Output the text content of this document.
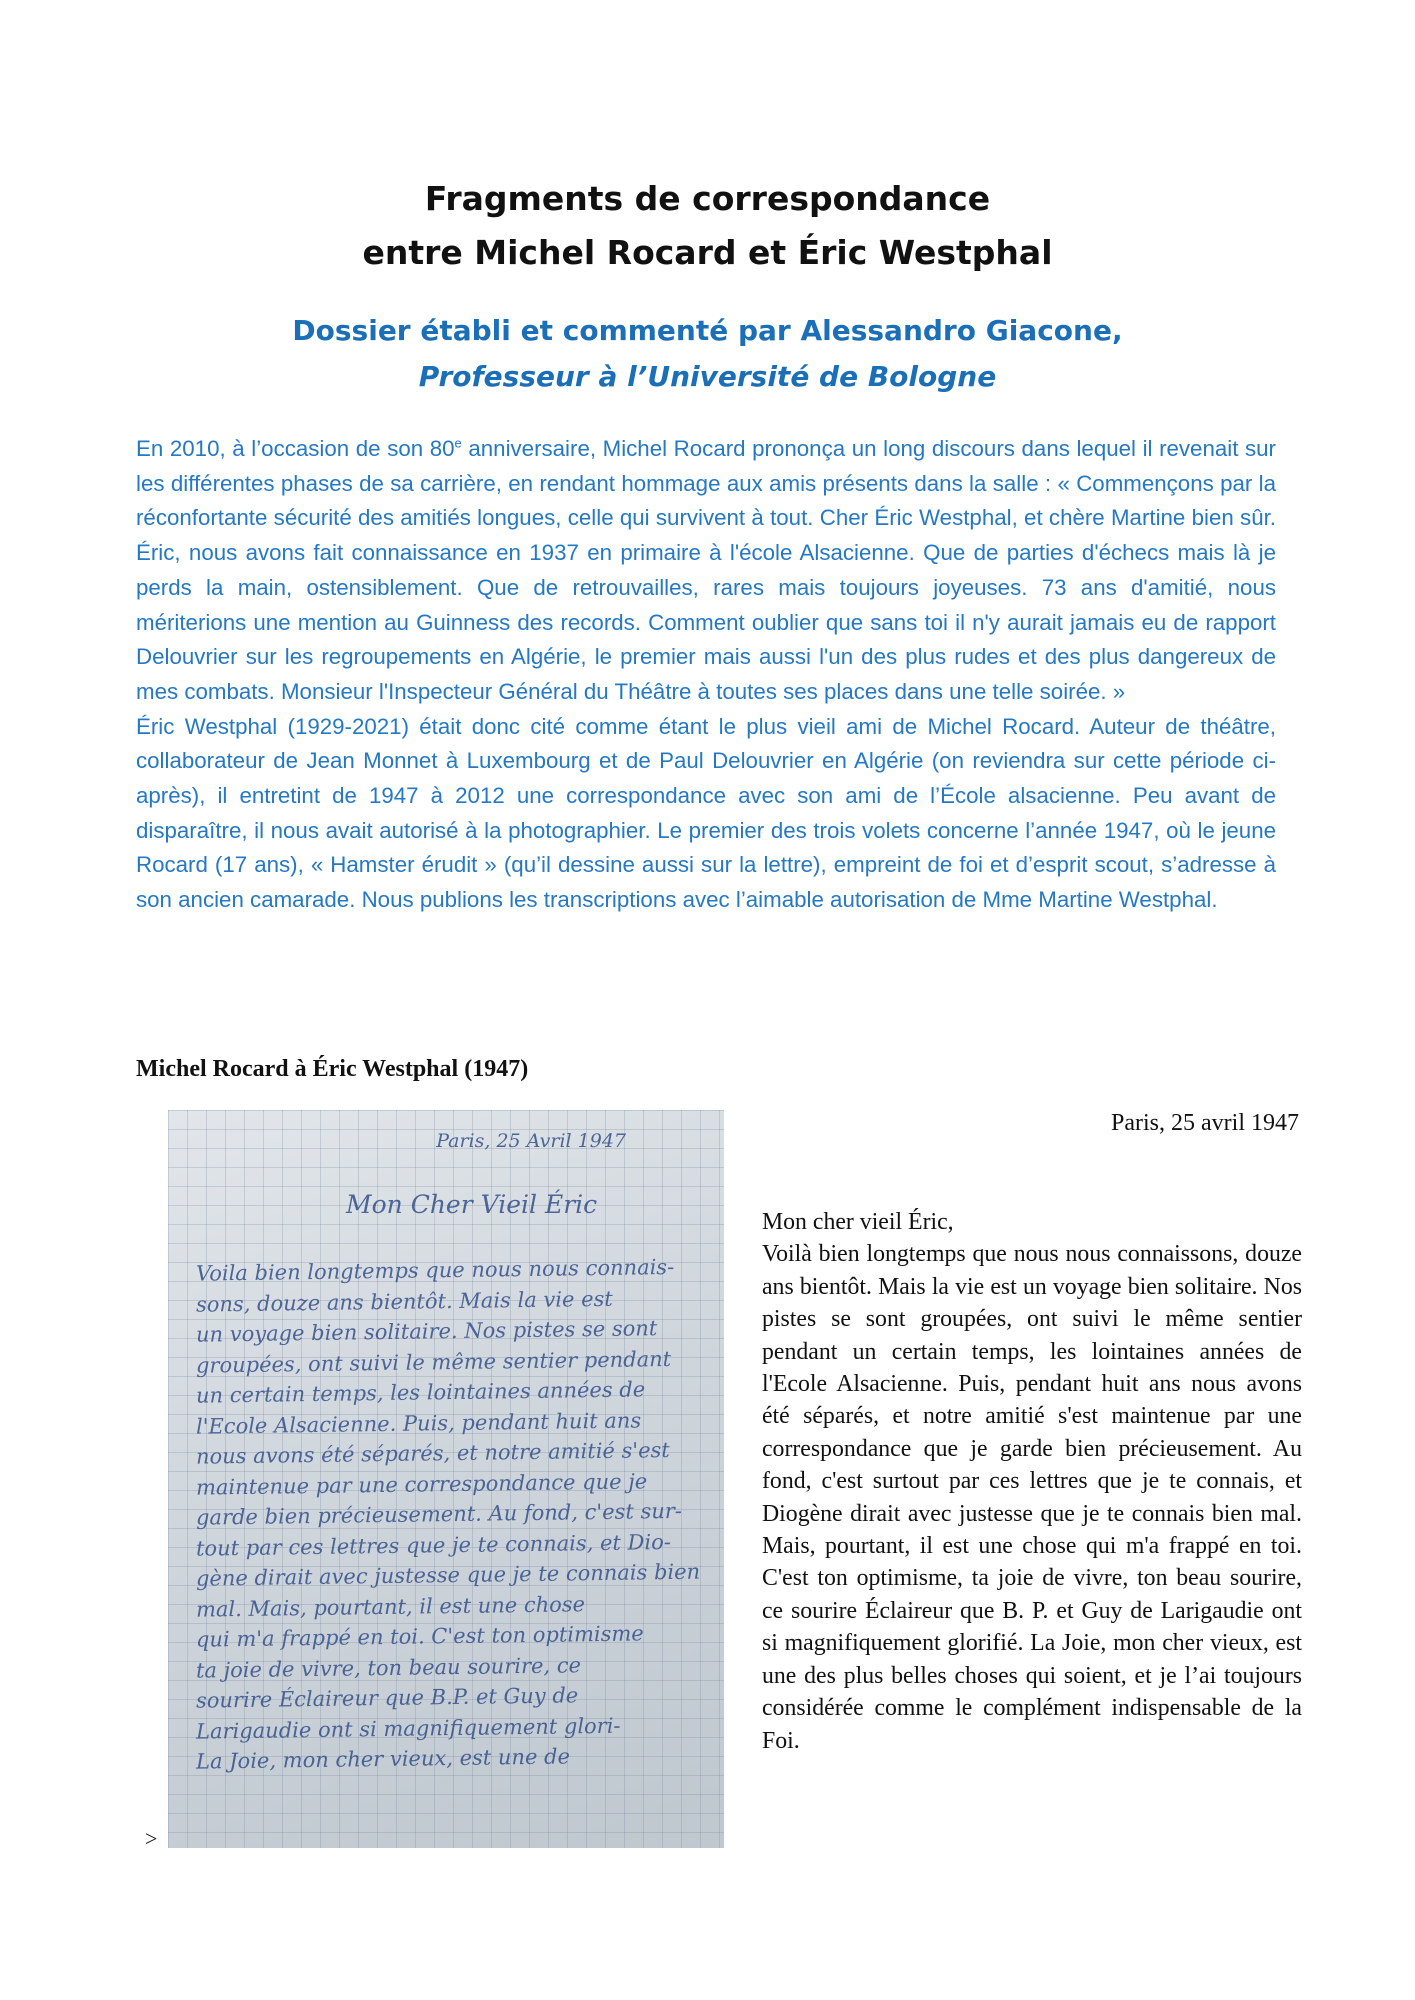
Fragments de correspondance
entre Michel Rocard et Éric Westphal
Dossier établi et commenté par Alessandro Giacone,
Professeur à l’Université de Bologne

En 2010, à l’occasion de son 80e anniversaire, Michel Rocard prononça un long discours dans lequel il revenait sur les différentes phases de sa carrière, en rendant hommage aux amis présents dans la salle : « Commençons par la réconfortante sécurité des amitiés longues, celle qui survivent à tout. Cher Éric Westphal, et chère Martine bien sûr. Éric, nous avons fait connaissance en 1937 en primaire à l'école Alsacienne. Que de parties d'échecs mais là je perds la main, ostensiblement. Que de retrouvailles, rares mais toujours joyeuses. 73 ans d'amitié, nous mériterions une mention au Guinness des records. Comment oublier que sans toi il n'y aurait jamais eu de rapport Delouvrier sur les regroupements en Algérie, le premier mais aussi l'un des plus rudes et des plus dangereux de mes combats. Monsieur l'Inspecteur Général du Théâtre à toutes ses places dans une telle soirée. »

Éric Westphal (1929-2021) était donc cité comme étant le plus vieil ami de Michel Rocard. Auteur de théâtre, collaborateur de Jean Monnet à Luxembourg et de Paul Delouvrier en Algérie (on reviendra sur cette période ci-après), il entretint de 1947 à 2012 une correspondance avec son ami de l’École alsacienne. Peu avant de disparaître, il nous avait autorisé à la photographier. Le premier des trois volets concerne l’année 1947, où le jeune Rocard (17 ans), « Hamster érudit » (qu’il dessine aussi sur la lettre), empreint de foi et d’esprit scout, s’adresse à son ancien camarade. Nous publions les transcriptions avec l’aimable autorisation de Mme Martine Westphal.

Michel Rocard à Éric Westphal (1947)
Paris, 25 Avril 1947
Mon Cher Vieil Éric
Voila bien longtemps que nous nous connais-
sons, douze ans bientôt. Mais la vie est
un voyage bien solitaire. Nos pistes se sont
groupées, ont suivi le même sentier pendant
un certain temps, les lointaines années de
l'Ecole Alsacienne. Puis, pendant huit ans
nous avons été séparés, et notre amitié s'est
maintenue par une correspondance que je
garde bien précieusement. Au fond, c'est sur-
tout par ces lettres que je te connais, et Dio-
gène dirait avec justesse que je te connais bien
mal. Mais, pourtant, il est une chose
qui m'a frappé en toi. C'est ton optimisme
ta joie de vivre, ton beau sourire, ce
sourire Éclaireur que B.P. et Guy de
Larigaudie ont si magnifiquement glori-
La Joie, mon cher vieux, est une de
>
Paris, 25 avril 1947
Mon cher vieil Éric,
Voilà bien longtemps que nous nous connaissons, douze ans bientôt. Mais la vie est un voyage bien solitaire. Nos pistes se sont groupées, ont suivi le même sentier pendant un certain temps, les lointaines années de l'Ecole Alsacienne. Puis, pendant huit ans nous avons été séparés, et notre amitié s'est maintenue par une correspondance que je garde bien précieusement. Au fond, c'est surtout par ces lettres que je te connais, et Diogène dirait avec justesse que je te connais bien mal. Mais, pourtant, il est une chose qui m'a frappé en toi. C'est ton optimisme, ta joie de vivre, ton beau sourire, ce sourire Éclaireur que B. P. et Guy de Larigaudie ont si magnifiquement glorifié. La Joie, mon cher vieux, est une des plus belles choses qui soient, et je l’ai toujours considérée comme le complément indispensable de la Foi.
